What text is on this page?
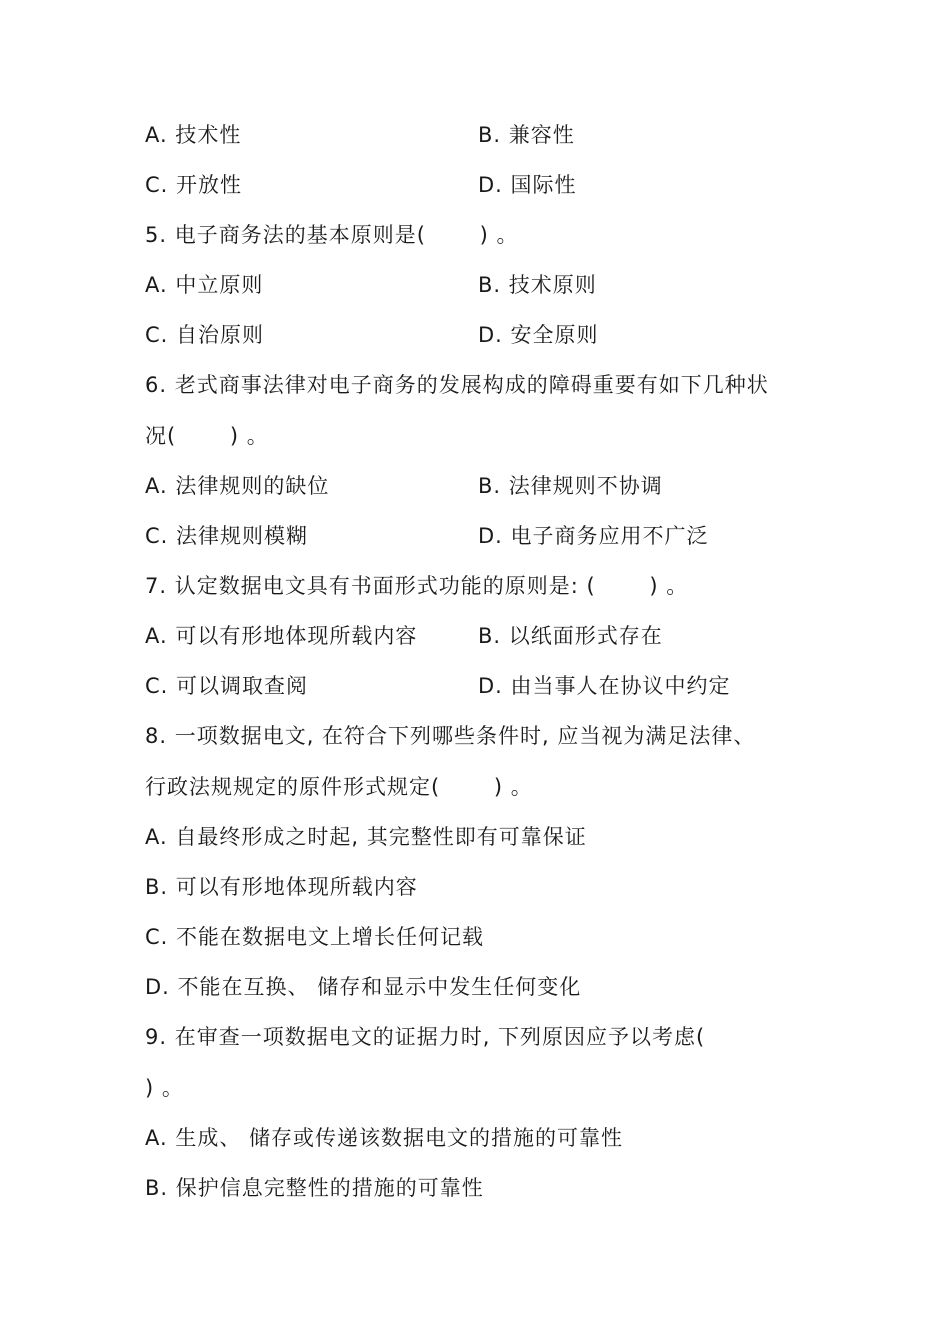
A. 技术性	B. 兼容性
C. 开放性	D. 国际性
5. 电子商务法的基本原则是(       ) 。
A. 中立原则	B. 技术原则
C. 自治原则	D. 安全原则
6. 老式商事法律对电子商务的发展构成的障碍重要有如下几种状
况(       ) 。
A. 法律规则的缺位	B. 法律规则不协调
C. 法律规则模糊	D. 电子商务应用不广泛
7. 认定数据电文具有书面形式功能的原则是: (       ) 。
A. 可以有形地体现所载内容	B. 以纸面形式存在
C. 可以调取查阅	D. 由当事人在协议中约定
8. 一项数据电文, 在符合下列哪些条件时, 应当视为满足法律、
行政法规规定的原件形式规定(       ) 。
A. 自最终形成之时起, 其完整性即有可靠保证
B. 可以有形地体现所载内容
C. 不能在数据电文上增长任何记载
D. 不能在互换、 储存和显示中发生任何变化
9. 在审查一项数据电文的证据力时, 下列原因应予以考虑(
) 。
A. 生成、 储存或传递该数据电文的措施的可靠性
B. 保护信息完整性的措施的可靠性
